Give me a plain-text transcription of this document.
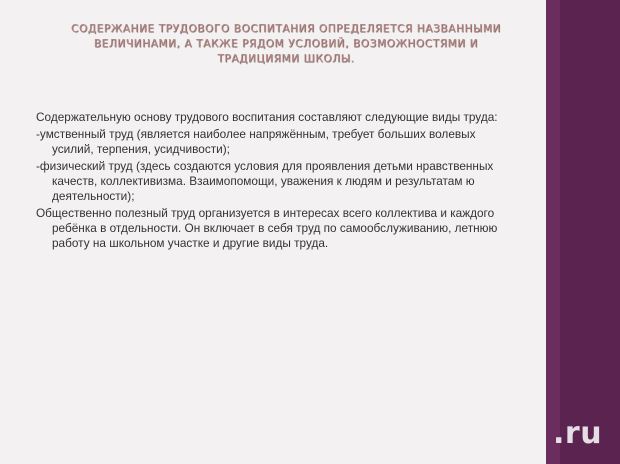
СОДЕРЖАНИЕ ТРУДОВОГО ВОСПИТАНИЯ ОПРЕДЕЛЯЕТСЯ НАЗВАННЫМИ ВЕЛИЧИНАМИ, А ТАКЖЕ РЯДОМ УСЛОВИЙ, ВОЗМОЖНОСТЯМИ И ТРАДИЦИЯМИ ШКОЛЫ.

Содержательную основу трудового воспитания составляют следующие виды труда:

-умственный труд (является наиболее напряжённым, требует больших волевых усилий, терпения, усидчивости);

-физический труд (здесь создаются условия для проявления детьми нравственных качеств, коллективизма. Взаимопомощи, уважения к людям и результатам ю деятельности);

Общественно полезный труд организуется в интересах всего коллектива и каждого ребёнка в отдельности. Он включает в себя труд по самообслуживанию, летнюю работу на школьном участке и другие виды труда.

.ru
